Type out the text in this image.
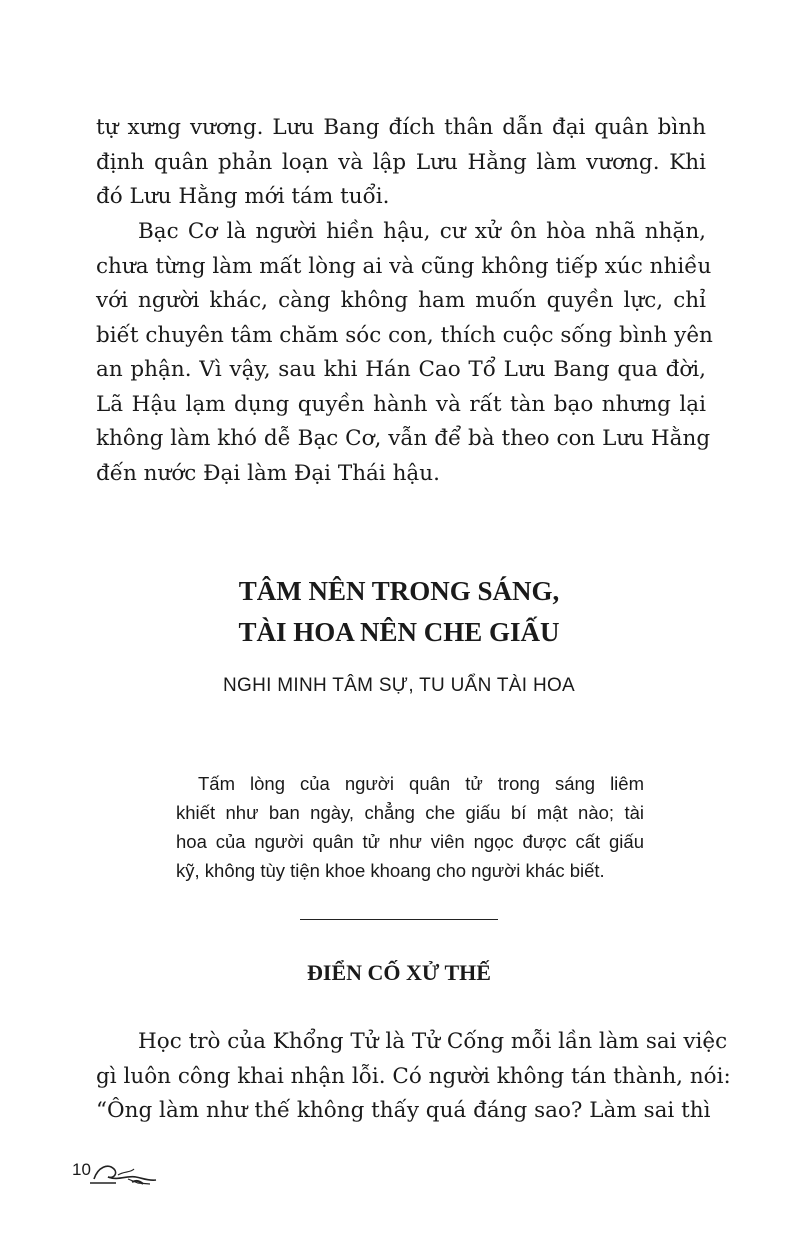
tự xưng vương. Lưu Bang đích thân dẫn đại quân bình
định quân phản loạn và lập Lưu Hằng làm vương. Khi
đó Lưu Hằng mới tám tuổi.

Bạc Cơ là người hiền hậu, cư xử ôn hòa nhã nhặn,
chưa từng làm mất lòng ai và cũng không tiếp xúc nhiều
với người khác, càng không ham muốn quyền lực, chỉ
biết chuyên tâm chăm sóc con, thích cuộc sống bình yên
an phận. Vì vậy, sau khi Hán Cao Tổ Lưu Bang qua đời,
Lã Hậu lạm dụng quyền hành và rất tàn bạo nhưng lại
không làm khó dễ Bạc Cơ, vẫn để bà theo con Lưu Hằng
đến nước Đại làm Đại Thái hậu.

TÂM NÊN TRONG SÁNG,

TÀI HOA NÊN CHE GIẤU

NGHI MINH TÂM SỰ, TU UẨN TÀI HOA

Tấm lòng của người quân tử trong sáng liêm
khiết như ban ngày, chẳng che giấu bí mật nào; tài
hoa của người quân tử như viên ngọc được cất giấu
kỹ, không tùy tiện khoe khoang cho người khác biết.

ĐIỂN CỐ XỬ THẾ

Học trò của Khổng Tử là Tử Cống mỗi lần làm sai việc
gì luôn công khai nhận lỗi. Có người không tán thành, nói:
“Ông làm như thế không thấy quá đáng sao? Làm sai thì

10
